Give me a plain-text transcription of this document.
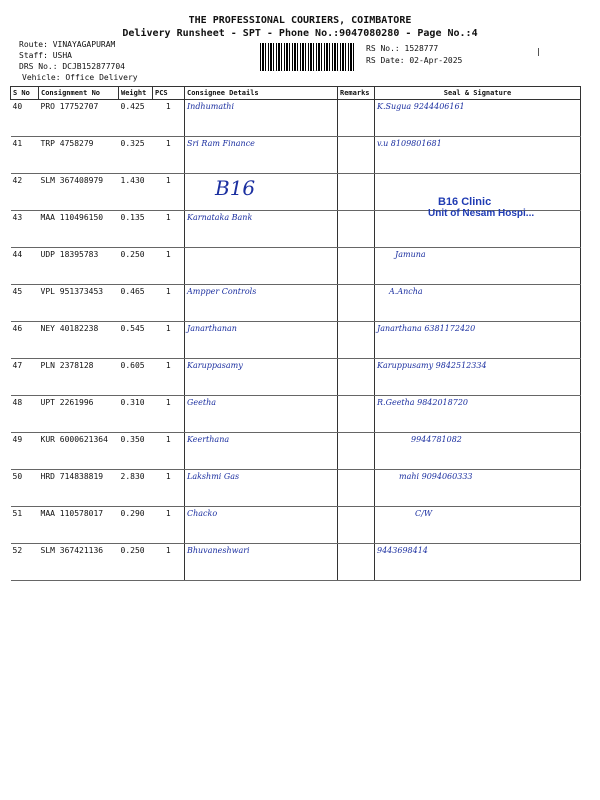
THE PROFESSIONAL COURIERS, COIMBATORE
Delivery Runsheet - SPT - Phone No.:9047080280 - Page No.:4
Route: VINAYAGAPURAM
Staff: USHA
DRS No.: DCJB152877704
Vehicle: Office Delivery
RS No.: 1528777
RS Date: 02-Apr-2025
S No	Consignment No	Weight	PCS	Consignee Details	Remarks	Seal & Signature
40	PRO 17752707	0.425	1	Indhumathi		K.Sugua 9244406161
41	TRP 4758279	0.325	1	Sri Ram Finance		v.u 8109801681
42	SLM 367408979	1.430	1	B16		
43	MAA 110496150	0.135	1	Karnataka Bank		
44	UDP 18395783	0.250	1			Jamuna
45	VPL 951373453	0.465	1	Ampper Controls		A.Ancha
46	NEY 40182238	0.545	1	Janarthanan		Janarthana 6381172420
47	PLN 2378128	0.605	1	Karuppasamy		Karuppusamy 9842512334
48	UPT 2261996	0.310	1	Geetha		R.Geetha 9842018720
49	KUR 6000621364	0.350	1	Keerthana		9944781082
50	HRD 714838819	2.830	1	Lakshmi Gas		mahi 9094060333
51	MAA 110578017	0.290	1	Chacko		C/W
52	SLM 367421136	0.250	1	Bhuvaneshwari		9443698414
B16 Clinic
Unit of Nesam Hospi...
